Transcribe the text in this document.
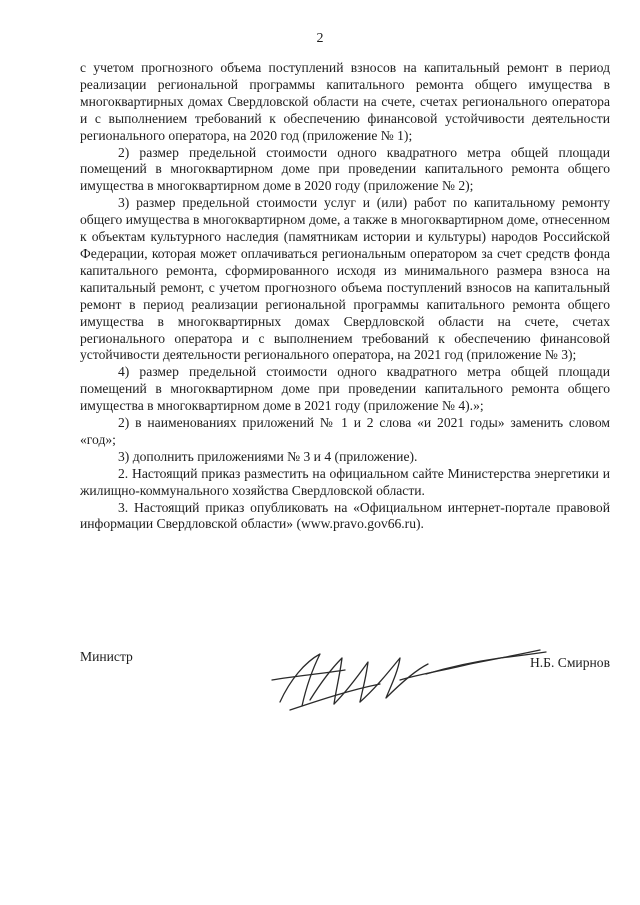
2

с учетом прогнозного объема поступлений взносов на капитальный ремонт в период реализации региональной программы капитального ремонта общего имущества в многоквартирных домах Свердловской области на счете, счетах регионального оператора и с выполнением требований к обеспечению финансовой устойчивости деятельности регионального оператора, на 2020 год (приложение № 1);

2) размер предельной стоимости одного квадратного метра общей площади помещений в многоквартирном доме при проведении капитального ремонта общего имущества в многоквартирном доме в 2020 году (приложение № 2);

3) размер предельной стоимости услуг и (или) работ по капитальному ремонту общего имущества в многоквартирном доме, а также в многоквартирном доме, отнесенном к объектам культурного наследия (памятникам истории и культуры) народов Российской Федерации, которая может оплачиваться региональным оператором за счет средств фонда капитального ремонта, сформированного исходя из минимального размера взноса на капитальный ремонт, с учетом прогнозного объема поступлений взносов на капитальный ремонт в период реализации региональной программы капитального ремонта общего имущества в многоквартирных домах Свердловской области на счете, счетах регионального оператора и с выполнением требований к обеспечению финансовой устойчивости деятельности регионального оператора, на 2021 год (приложение № 3);

4) размер предельной стоимости одного квадратного метра общей площади помещений в многоквартирном доме при проведении капитального ремонта общего имущества в многоквартирном доме в 2021 году (приложение № 4).»;

2) в наименованиях приложений № 1 и 2 слова «и 2021 годы» заменить словом «год»;

3) дополнить приложениями № 3 и 4 (приложение).

2. Настоящий приказ разместить на официальном сайте Министерства энергетики и жилищно-коммунального хозяйства Свердловской области.

3. Настоящий приказ опубликовать на «Официальном интернет-портале правовой информации Свердловской области» (www.pravo.gov66.ru).

Министр	Н.Б. Смирнов
